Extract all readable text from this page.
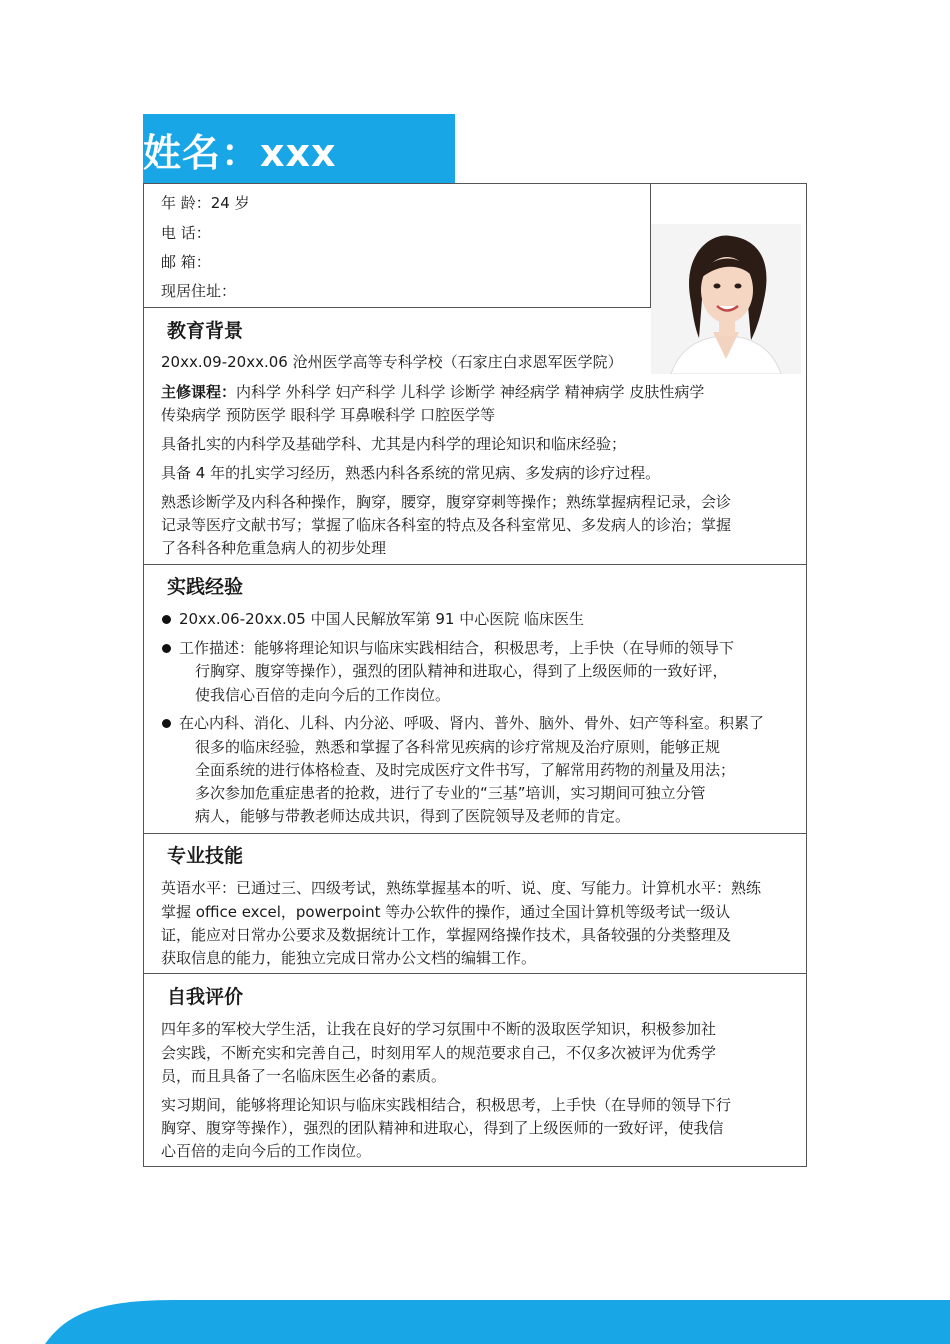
姓名：xxx
年 龄：24 岁
电 话：
邮 箱：
现居住址：
教育背景
20xx.09-20xx.06 沧州医学高等专科学校（石家庄白求恩军医学院）
主修课程：内科学 外科学 妇产科学 儿科学 诊断学 神经病学 精神病学 皮肤性病学
传染病学 预防医学 眼科学 耳鼻喉科学 口腔医学等
具备扎实的内科学及基础学科、尤其是内科学的理论知识和临床经验；
具备 4 年的扎实学习经历，熟悉内科各系统的常见病、多发病的诊疗过程。
熟悉诊断学及内科各种操作，胸穿，腰穿，腹穿穿刺等操作；熟练掌握病程记录，会诊
记录等医疗文献书写；掌握了临床各科室的特点及各科室常见、多发病人的诊治；掌握
了各科各种危重急病人的初步处理
实践经验
20xx.06-20xx.05 中国人民解放军第 91 中心医院 临床医生
工作描述：能够将理论知识与临床实践相结合，积极思考，上手快（在导师的领导下
行胸穿、腹穿等操作），强烈的团队精神和进取心，得到了上级医师的一致好评，
使我信心百倍的走向今后的工作岗位。
在心内科、消化、儿科、内分泌、呼吸、肾内、普外、脑外、骨外、妇产等科室。积累了
很多的临床经验，熟悉和掌握了各科常见疾病的诊疗常规及治疗原则，能够正规
全面系统的进行体格检查、及时完成医疗文件书写，了解常用药物的剂量及用法；
多次参加危重症患者的抢救，进行了专业的“三基”培训，实习期间可独立分管
病人，能够与带教老师达成共识，得到了医院领导及老师的肯定。
专业技能
英语水平：已通过三、四级考试，熟练掌握基本的听、说、度、写能力。计算机水平：熟练
掌握 office excel，powerpoint 等办公软件的操作，通过全国计算机等级考试一级认
证，能应对日常办公要求及数据统计工作，掌握网络操作技术，具备较强的分类整理及
获取信息的能力，能独立完成日常办公文档的编辑工作。
自我评价
四年多的军校大学生活，让我在良好的学习氛围中不断的汲取医学知识，积极参加社
会实践，不断充实和完善自己，时刻用军人的规范要求自己，不仅多次被评为优秀学
员，而且具备了一名临床医生必备的素质。
实习期间，能够将理论知识与临床实践相结合，积极思考，上手快（在导师的领导下行
胸穿、腹穿等操作），强烈的团队精神和进取心，得到了上级医师的一致好评，使我信
心百倍的走向今后的工作岗位。
